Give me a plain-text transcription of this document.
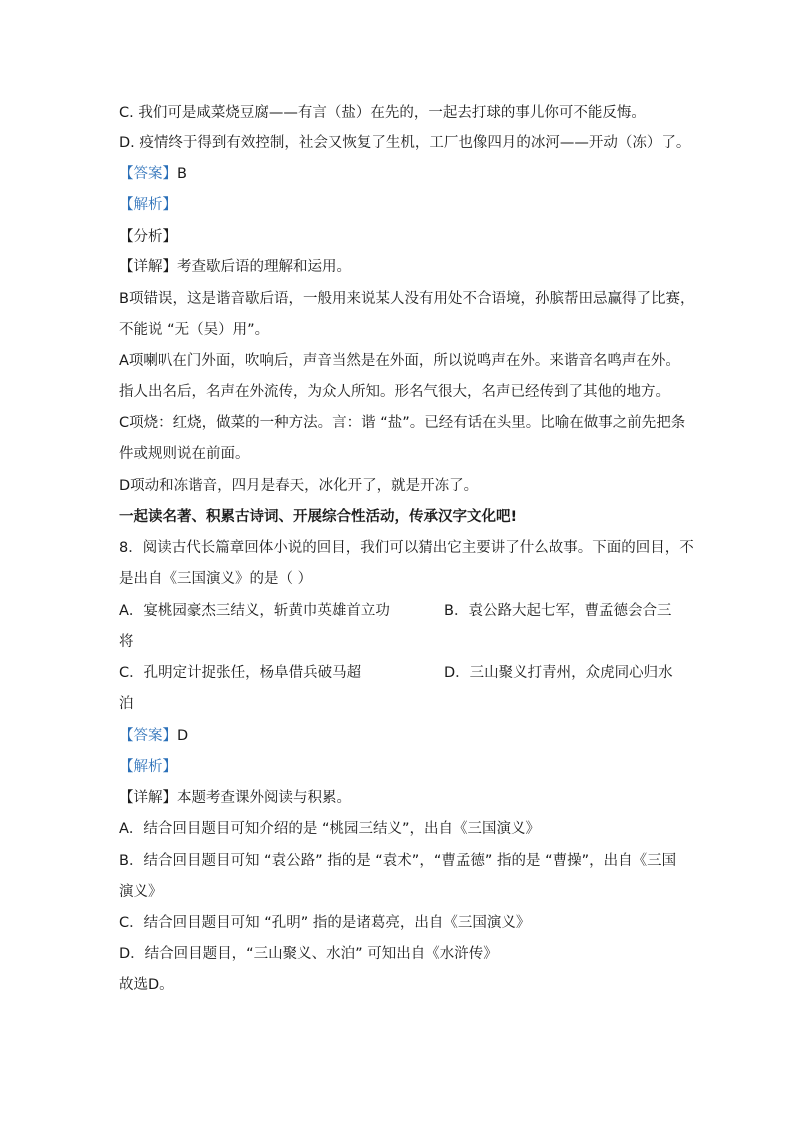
C. 我们可是咸菜烧豆腐——有言（盐）在先的，一起去打球的事儿你可不能反悔。
D. 疫情终于得到有效控制，社会又恢复了生机，工厂也像四月的冰河——开动（冻）了。
【答案】B
【解析】
【分析】
【详解】考查歇后语的理解和运用。
B项错误，这是谐音歇后语，一般用来说某人没有用处不合语境，孙膑帮田忌赢得了比赛，
不能说 “无（吴）用”。
A项喇叭在门外面，吹响后，声音当然是在外面，所以说鸣声在外。来谐音名鸣声在外。
指人出名后，名声在外流传，为众人所知。形名气很大，名声已经传到了其他的地方。
C项烧：红烧，做菜的一种方法。言：谐 “盐”。已经有话在头里。比喻在做事之前先把条
件或规则说在前面。
D项动和冻谐音，四月是春天，冰化开了，就是开冻了。
一起读名著、积累古诗词、开展综合性活动，传承汉字文化吧!
8．阅读古代长篇章回体小说的回目，我们可以猜出它主要讲了什么故事。下面的回目，不
是出自《三国演义》的是（ ）
A．宴桃园豪杰三结义，斩黄巾英雄首立功	B．袁公路大起七军，曹孟德会合三
将
C．孔明定计捉张任，杨阜借兵破马超	D．三山聚义打青州，众虎同心归水
泊
【答案】D
【解析】
【详解】本题考查课外阅读与积累。
A．结合回目题目可知介绍的是 “桃园三结义”，出自《三国演义》
B．结合回目题目可知 “袁公路” 指的是 “袁术”，“曹孟德” 指的是 “曹操”，出自《三国
演义》
C．结合回目题目可知 “孔明” 指的是诸葛亮，出自《三国演义》
D．结合回目题目，“三山聚义、水泊” 可知出自《水浒传》
故选D。
